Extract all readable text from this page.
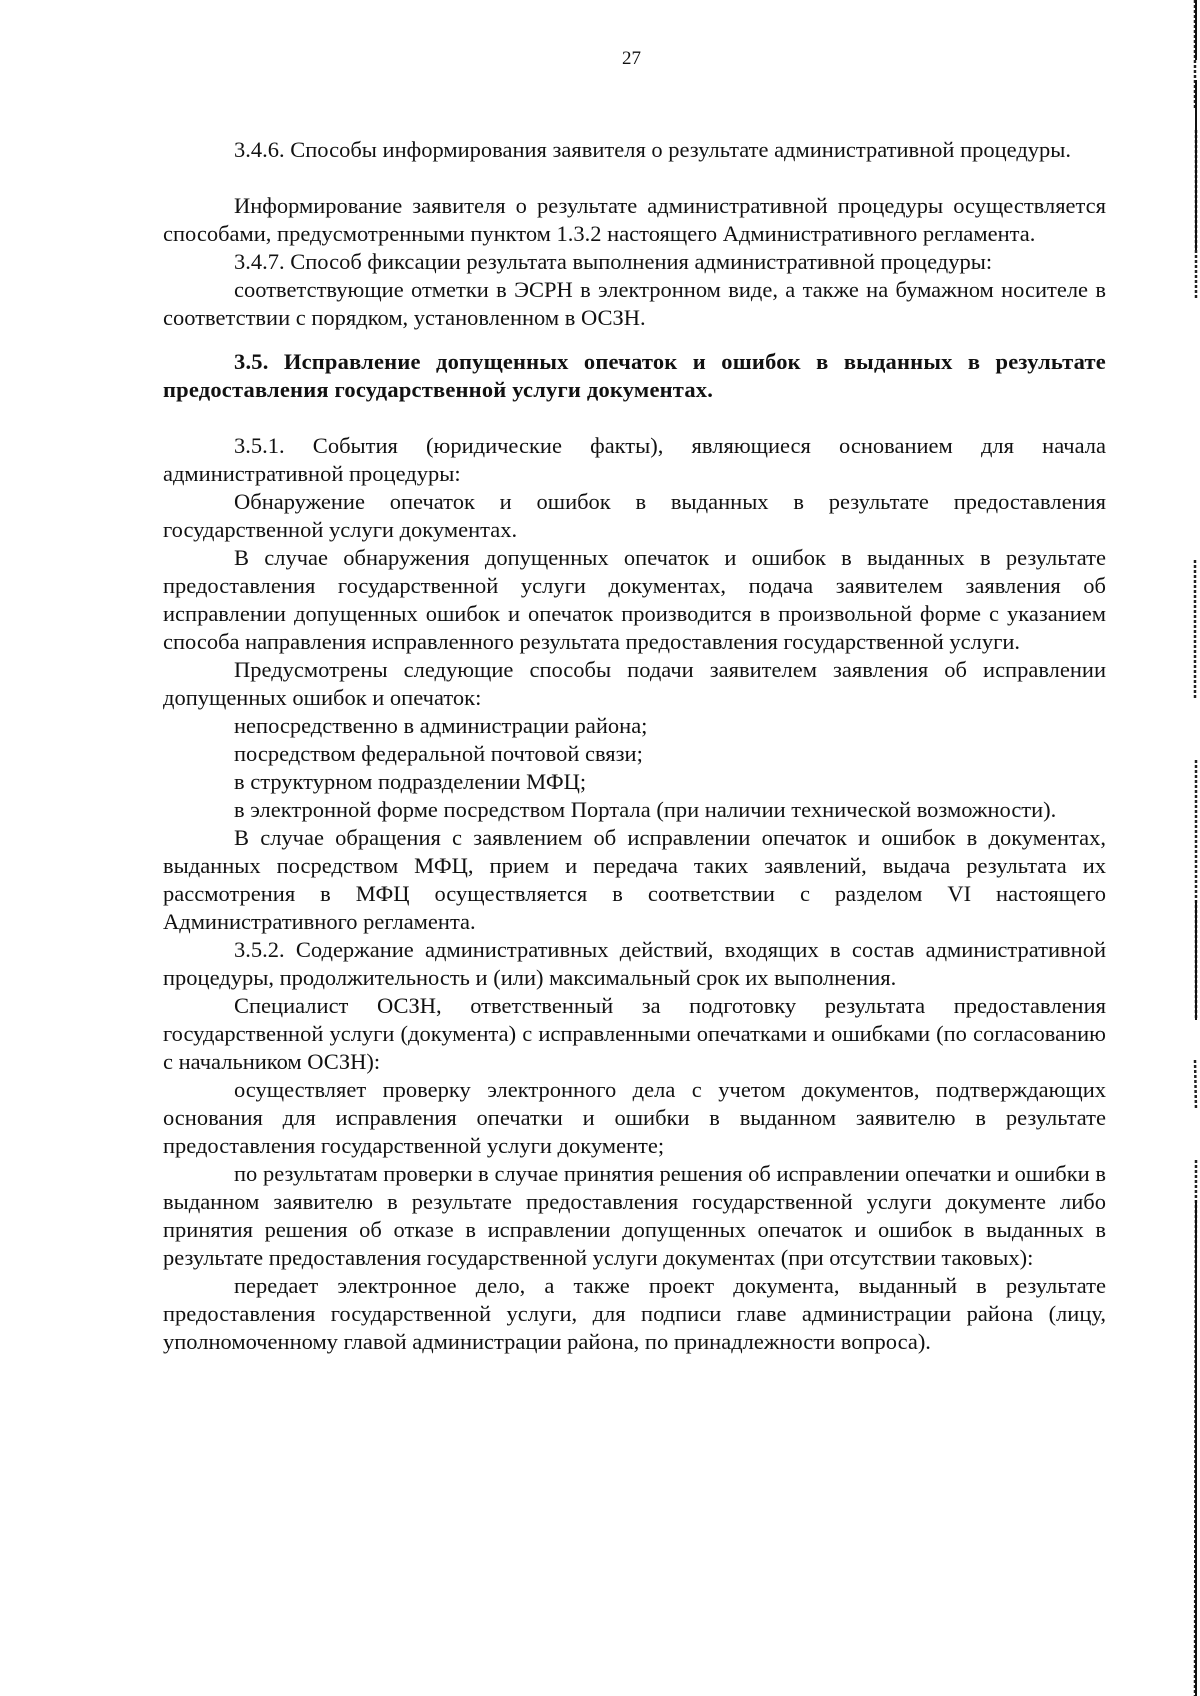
27

3.4.6. Способы информирования заявителя о результате административной процедуры.

Информирование заявителя о результате административной процедуры осуществляется способами, предусмотренными пунктом 1.3.2 настоящего Административного регламента.

3.4.7. Способ фиксации результата выполнения административной процедуры:

соответствующие отметки в ЭСРН в электронном виде, а также на бумажном носителе в соответствии с порядком, установленном в ОСЗН.

3.5. Исправление допущенных опечаток и ошибок в выданных в результате предоставления государственной услуги документах.

3.5.1. События (юридические факты), являющиеся основанием для начала административной процедуры:

Обнаружение опечаток и ошибок в выданных в результате предоставления государственной услуги документах.

В случае обнаружения допущенных опечаток и ошибок в выданных в результате предоставления государственной услуги документах, подача заявителем заявления об исправлении допущенных ошибок и опечаток производится в произвольной форме с указанием способа направления исправленного результата предоставления государственной услуги.

Предусмотрены следующие способы подачи заявителем заявления об исправлении допущенных ошибок и опечаток:

непосредственно в администрации района;

посредством федеральной почтовой связи;

в структурном подразделении МФЦ;

в электронной форме посредством Портала (при наличии технической возможности).

В случае обращения с заявлением об исправлении опечаток и ошибок в документах, выданных посредством МФЦ, прием и передача таких заявлений, выдача результата их рассмотрения в МФЦ осуществляется в соответствии с разделом VI настоящего Административного регламента.

3.5.2. Содержание административных действий, входящих в состав административной процедуры, продолжительность и (или) максимальный срок их выполнения.

Специалист ОСЗН, ответственный за подготовку результата предоставления государственной услуги (документа) с исправленными опечатками и ошибками (по согласованию с начальником ОСЗН):

осуществляет проверку электронного дела с учетом документов, подтверждающих основания для исправления опечатки и ошибки в выданном заявителю в результате предоставления государственной услуги документе;

по результатам проверки в случае принятия решения об исправлении опечатки и ошибки в выданном заявителю в результате предоставления государственной услуги документе либо принятия решения об отказе в исправлении допущенных опечаток и ошибок в выданных в результате предоставления государственной услуги документах (при отсутствии таковых):

передает электронное дело, а также проект документа, выданный в результате предоставления государственной услуги, для подписи главе администрации района (лицу, уполномоченному главой администрации района, по принадлежности вопроса).
